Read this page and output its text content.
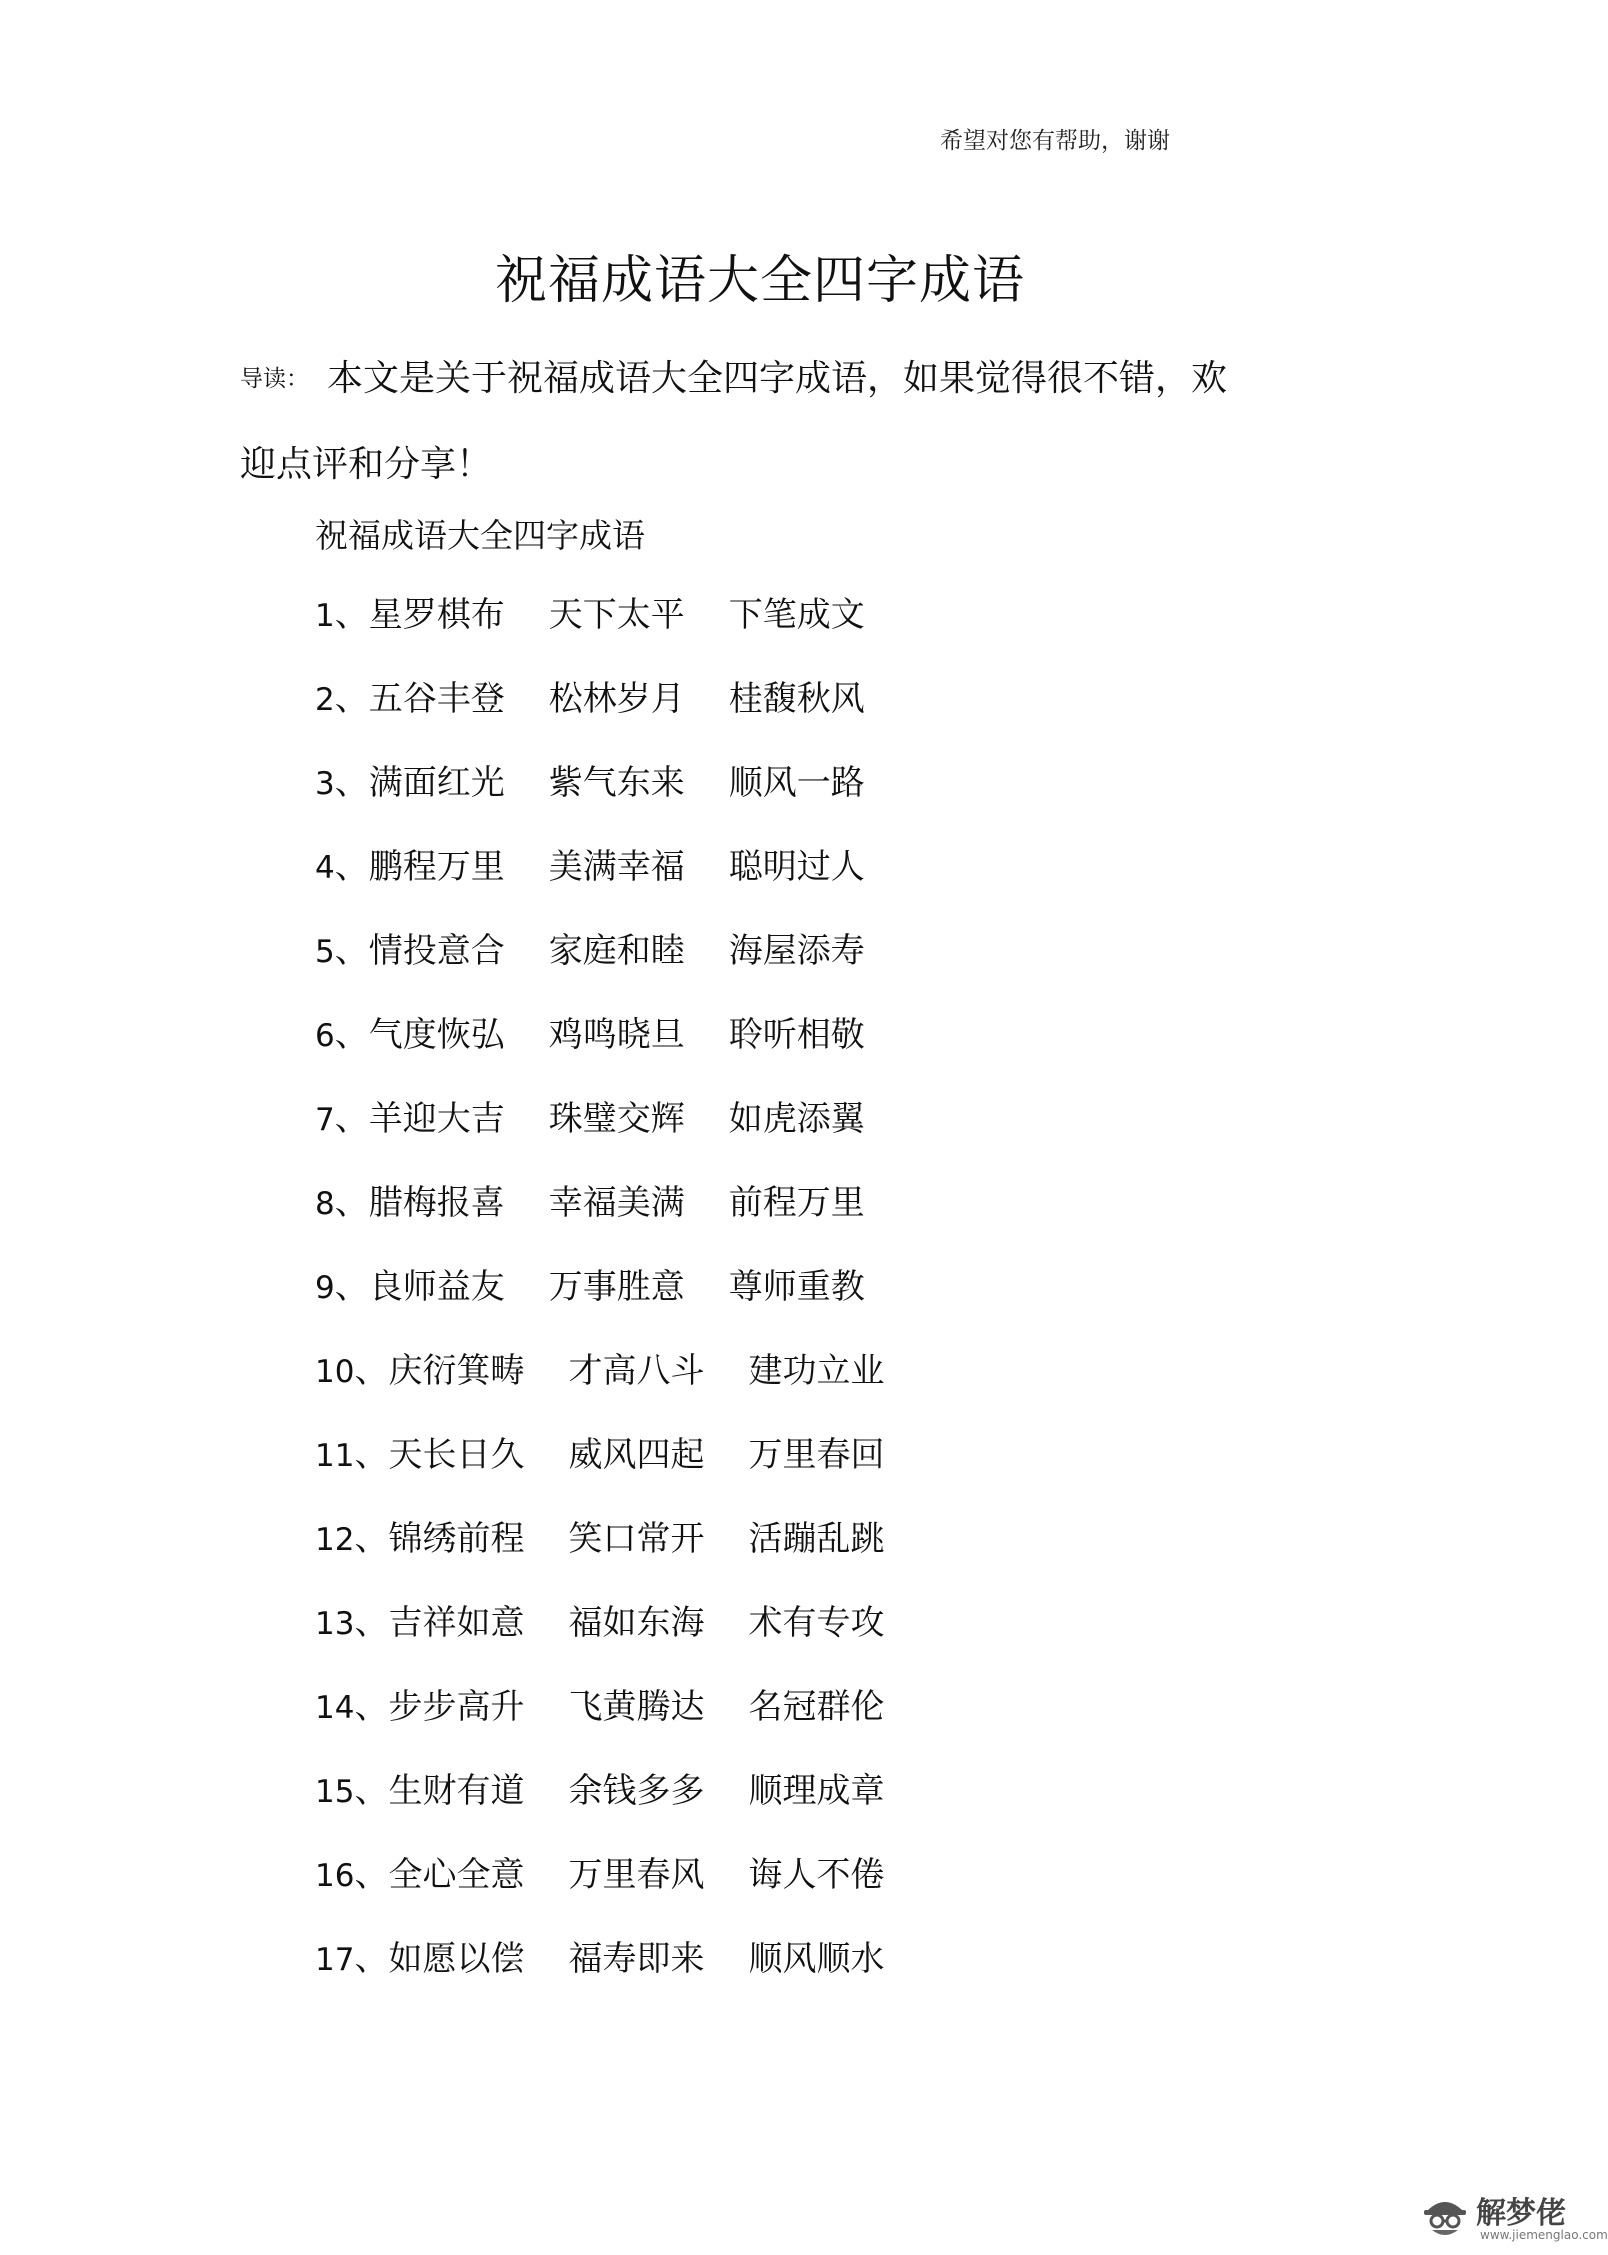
希望对您有帮助，谢谢
祝福成语大全四字成语
导读： 本文是关于祝福成语大全四字成语，如果觉得很不错，欢迎点评和分享！
祝福成语大全四字成语
1、星罗棋布 天下太平 下笔成文
2、五谷丰登 松林岁月 桂馥秋风
3、满面红光 紫气东来 顺风一路
4、鹏程万里 美满幸福 聪明过人
5、情投意合 家庭和睦 海屋添寿
6、气度恢弘 鸡鸣晓旦 聆听相敬
7、羊迎大吉 珠璧交辉 如虎添翼
8、腊梅报喜 幸福美满 前程万里
9、良师益友 万事胜意 尊师重教
10、庆衍箕畴 才高八斗 建功立业
11、天长日久 威风四起 万里春回
12、锦绣前程 笑口常开 活蹦乱跳
13、吉祥如意 福如东海 术有专攻
14、步步高升 飞黄腾达 名冠群伦
15、生财有道 余钱多多 顺理成章
16、全心全意 万里春风 诲人不倦
17、如愿以偿 福寿即来 顺风顺水
解梦佬
www.jiemenglao.com
